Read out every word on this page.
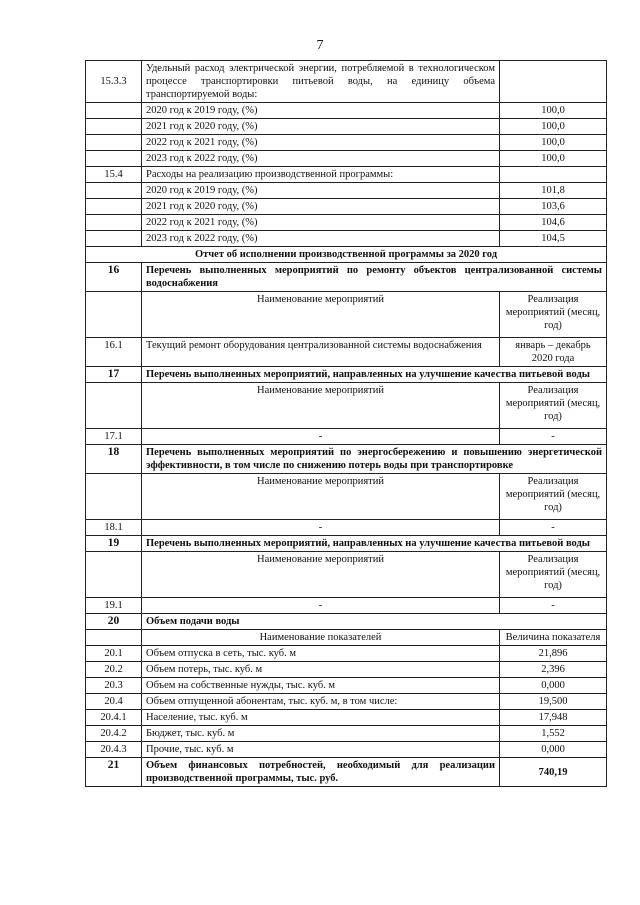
7
15.3.3	Удельный расход электрической энергии, потребляемой в технологическом процессе транспортировки питьевой воды, на единицу объема транспортируемой воды:	
	2020 год к 2019 году, (%)	100,0
	2021 год к 2020 году, (%)	100,0
	2022 год к 2021 году, (%)	100,0
	2023 год к 2022 году, (%)	100,0
15.4	Расходы на реализацию производственной программы:	
	2020 год к 2019 году, (%)	101,8
	2021 год к 2020 году, (%)	103,6
	2022 год к 2021 году, (%)	104,6
	2023 год к 2022 году, (%)	104,5
Отчет об исполнении производственной программы за 2020 год		
16	Перечень выполненных мероприятий по ремонту объектов централизованной системы водоснабжения	
	Наименование мероприятий	Реализация мероприятий (месяц, год)
16.1	Текущий ремонт оборудования централизованной системы водоснабжения	январь – декабрь 2020 года
17	Перечень выполненных мероприятий, направленных на улучшение качества питьевой воды	
	Наименование мероприятий	Реализация мероприятий (месяц, год)
17.1	-	-
18	Перечень выполненных мероприятий по энергосбережению и повышению энергетической эффективности, в том числе по снижению потерь воды при транспортировке	
	Наименование мероприятий	Реализация мероприятий (месяц, год)
18.1	-	-
19	Перечень выполненных мероприятий, направленных на улучшение качества питьевой воды	
	Наименование мероприятий	Реализация мероприятий (месяц, год)
19.1	-	-
20	Объем подачи воды	
	Наименование показателей	Величина показателя
20.1	Объем отпуска в сеть, тыс. куб. м	21,896
20.2	Объем потерь, тыс. куб. м	2,396
20.3	Объем на собственные нужды, тыс. куб. м	0,000
20.4	Объем отпущенной абонентам, тыс. куб. м, в том числе:	19,500
20.4.1	Население, тыс. куб. м	17,948
20.4.2	Бюджет, тыс. куб. м	1,552
20.4.3	Прочие, тыс. куб. м	0,000
21	Объем финансовых потребностей, необходимый для реализации производственной программы, тыс. руб.	740,19
